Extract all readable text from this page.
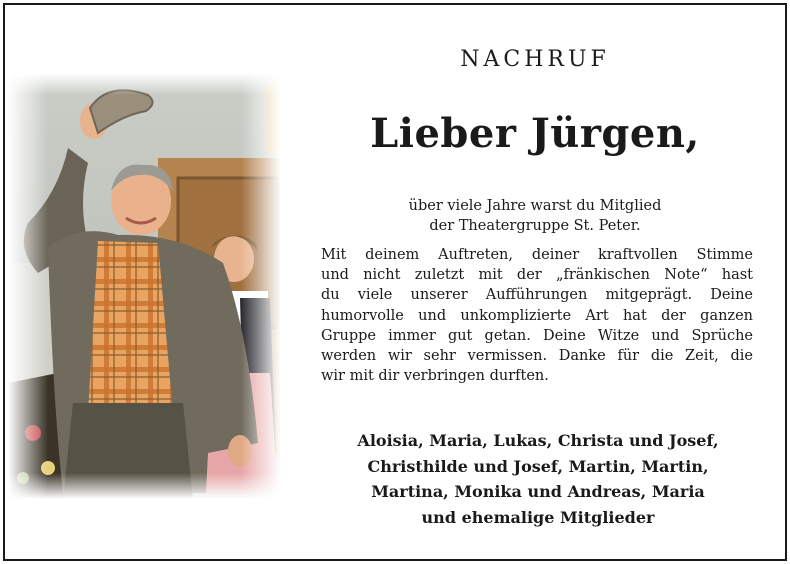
NACHRUF
Lieber Jürgen,
über viele Jahre warst du Mitglied
der Theatergruppe St. Peter.
Mit deinem Auftreten, deiner kraftvollen Stimme
und nicht zuletzt mit der „fränkischen Note“ hast
du viele unserer Aufführungen mitgeprägt. Deine
humorvolle und unkomplizierte Art hat der ganzen
Gruppe immer gut getan. Deine Witze und Sprüche
werden wir sehr vermissen. Danke für die Zeit, die
wir mit dir verbringen durften.
Aloisia, Maria, Lukas, Christa und Josef,
Christhilde und Josef, Martin, Martin,
Martina, Monika und Andreas, Maria
und ehemalige Mitglieder
